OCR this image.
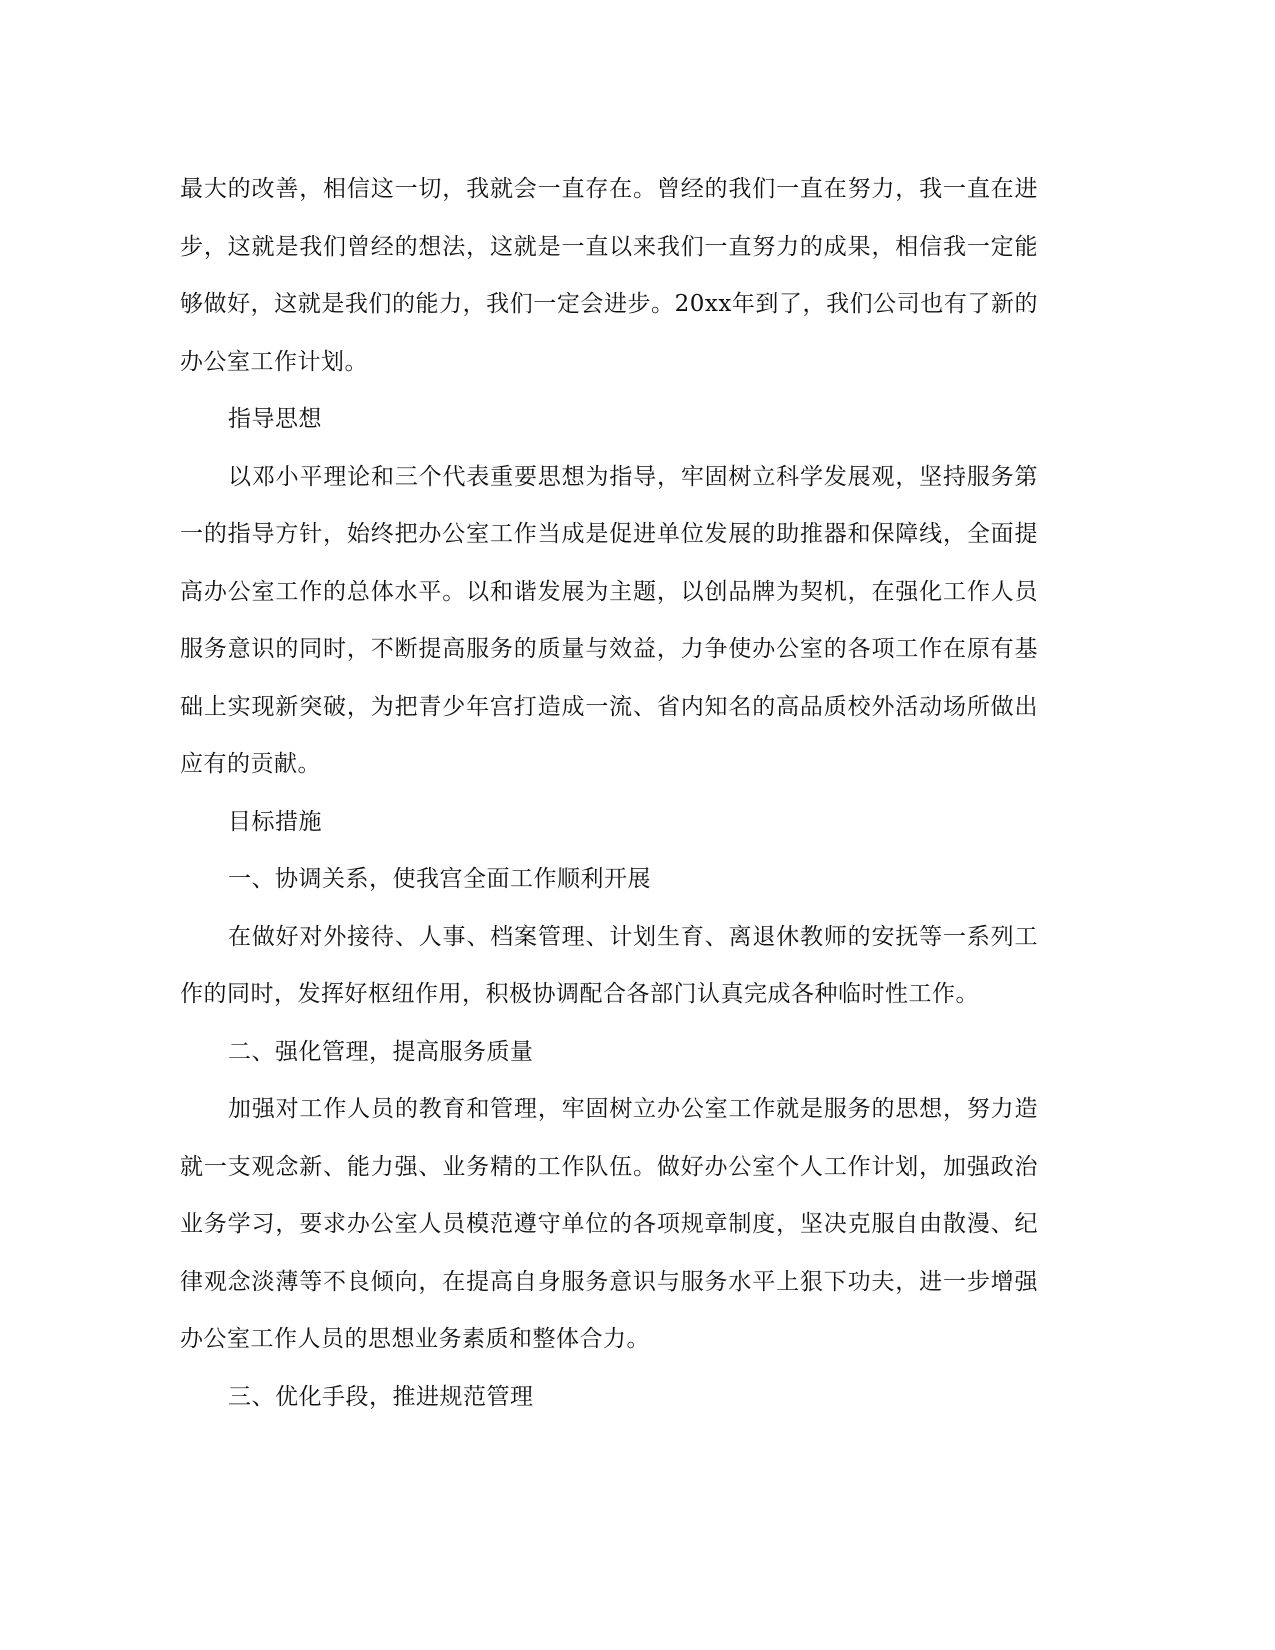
最大的改善，相信这一切，我就会一直存在。曾经的我们一直在努力，我一直在进步，这就是我们曾经的想法，这就是一直以来我们一直努力的成果，相信我一定能够做好，这就是我们的能力，我们一定会进步。20xx年到了，我们公司也有了新的办公室工作计划。

指导思想

以邓小平理论和三个代表重要思想为指导，牢固树立科学发展观，坚持服务第一的指导方针，始终把办公室工作当成是促进单位发展的助推器和保障线，全面提高办公室工作的总体水平。以和谐发展为主题，以创品牌为契机，在强化工作人员服务意识的同时，不断提高服务的质量与效益，力争使办公室的各项工作在原有基础上实现新突破，为把青少年宫打造成一流、省内知名的高品质校外活动场所做出应有的贡献。

目标措施

一、协调关系，使我宫全面工作顺利开展

在做好对外接待、人事、档案管理、计划生育、离退休教师的安抚等一系列工作的同时，发挥好枢纽作用，积极协调配合各部门认真完成各种临时性工作。

二、强化管理，提高服务质量

加强对工作人员的教育和管理，牢固树立办公室工作就是服务的思想，努力造就一支观念新、能力强、业务精的工作队伍。做好办公室个人工作计划，加强政治业务学习，要求办公室人员模范遵守单位的各项规章制度，坚决克服自由散漫、纪律观念淡薄等不良倾向，在提高自身服务意识与服务水平上狠下功夫，进一步增强办公室工作人员的思想业务素质和整体合力。

三、优化手段，推进规范管理
